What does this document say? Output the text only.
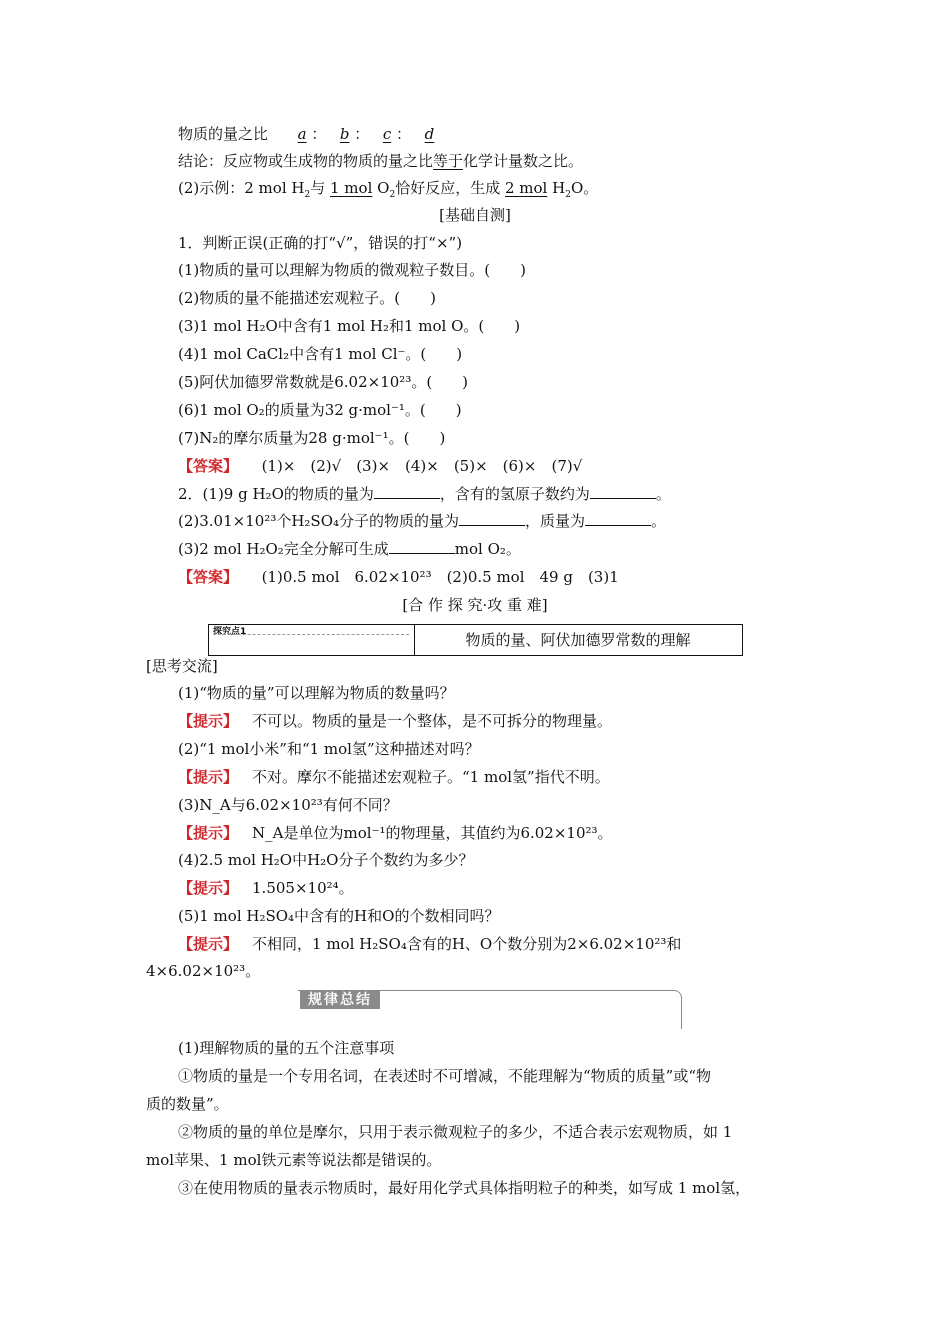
物质的量之比 a ： b ： c ： d
结论：反应物或生成物的物质的量之比等于化学计量数之比。
(2)示例：2 mol $H_2$与 1 mol $O_2$恰好反应，生成 2 mol $H_2O$。
[基础自测]
1．判断正误(正确的打“√”，错误的打“×”)
(1)物质的量可以理解为物质的微观粒子数目。(　　)
(2)物质的量不能描述宏观粒子。(　　)
(3)1 mol H₂O中含有1 mol H₂和1 mol O。(　　)
(4)1 mol CaCl₂中含有1 mol Cl⁻。(　　)
(5)阿伏加德罗常数就是6.02×10²³。(　　)
(6)1 mol O₂的质量为32 g·mol⁻¹。(　　)
(7)N₂的摩尔质量为28 g·mol⁻¹。(　　)
【答案】 (1)×　(2)√　(3)×　(4)×　(5)×　(6)×　(7)√
2．(1)9 g H₂O的物质的量为	，含有的氢原子数约为	。
(2)3.01×10²³个H₂SO₄分子的物质的量为	，质量为	。
(3)2 mol H₂O₂完全分解可生成	mol O₂。
【答案】 (1)0.5 mol　6.02×10²³　(2)0.5 mol　49 g　(3)1
[合 作 探 究·攻 重 难]
探究点1	物质的量、阿伏加德罗常数的理解
[思考交流]
(1)“物质的量”可以理解为物质的数量吗？
【提示】 不可以。物质的量是一个整体，是不可拆分的物理量。
(2)“1 mol小米”和“1 mol氢”这种描述对吗？
【提示】 不对。摩尔不能描述宏观粒子。“1 mol氢”指代不明。
(3)N_A与6.02×10²³有何不同？
【提示】 N_A是单位为mol⁻¹的物理量，其值约为6.02×10²³。
(4)2.5 mol H₂O中H₂O分子个数约为多少？
【提示】 1.505×10²⁴。
(5)1 mol H₂SO₄中含有的H和O的个数相同吗？
【提示】 不相同，1 mol H₂SO₄含有的H、O个数分别为2×6.02×10²³和
4×6.02×10²³。
规律总结
(1)理解物质的量的五个注意事项
①物质的量是一个专用名词，在表述时不可增减，不能理解为“物质的质量”或“物
质的数量”。
②物质的量的单位是摩尔，只用于表示微观粒子的多少，不适合表示宏观物质，如 1
mol苹果、1 mol铁元素等说法都是错误的。
③在使用物质的量表示物质时，最好用化学式具体指明粒子的种类，如写成 1 mol氢，
